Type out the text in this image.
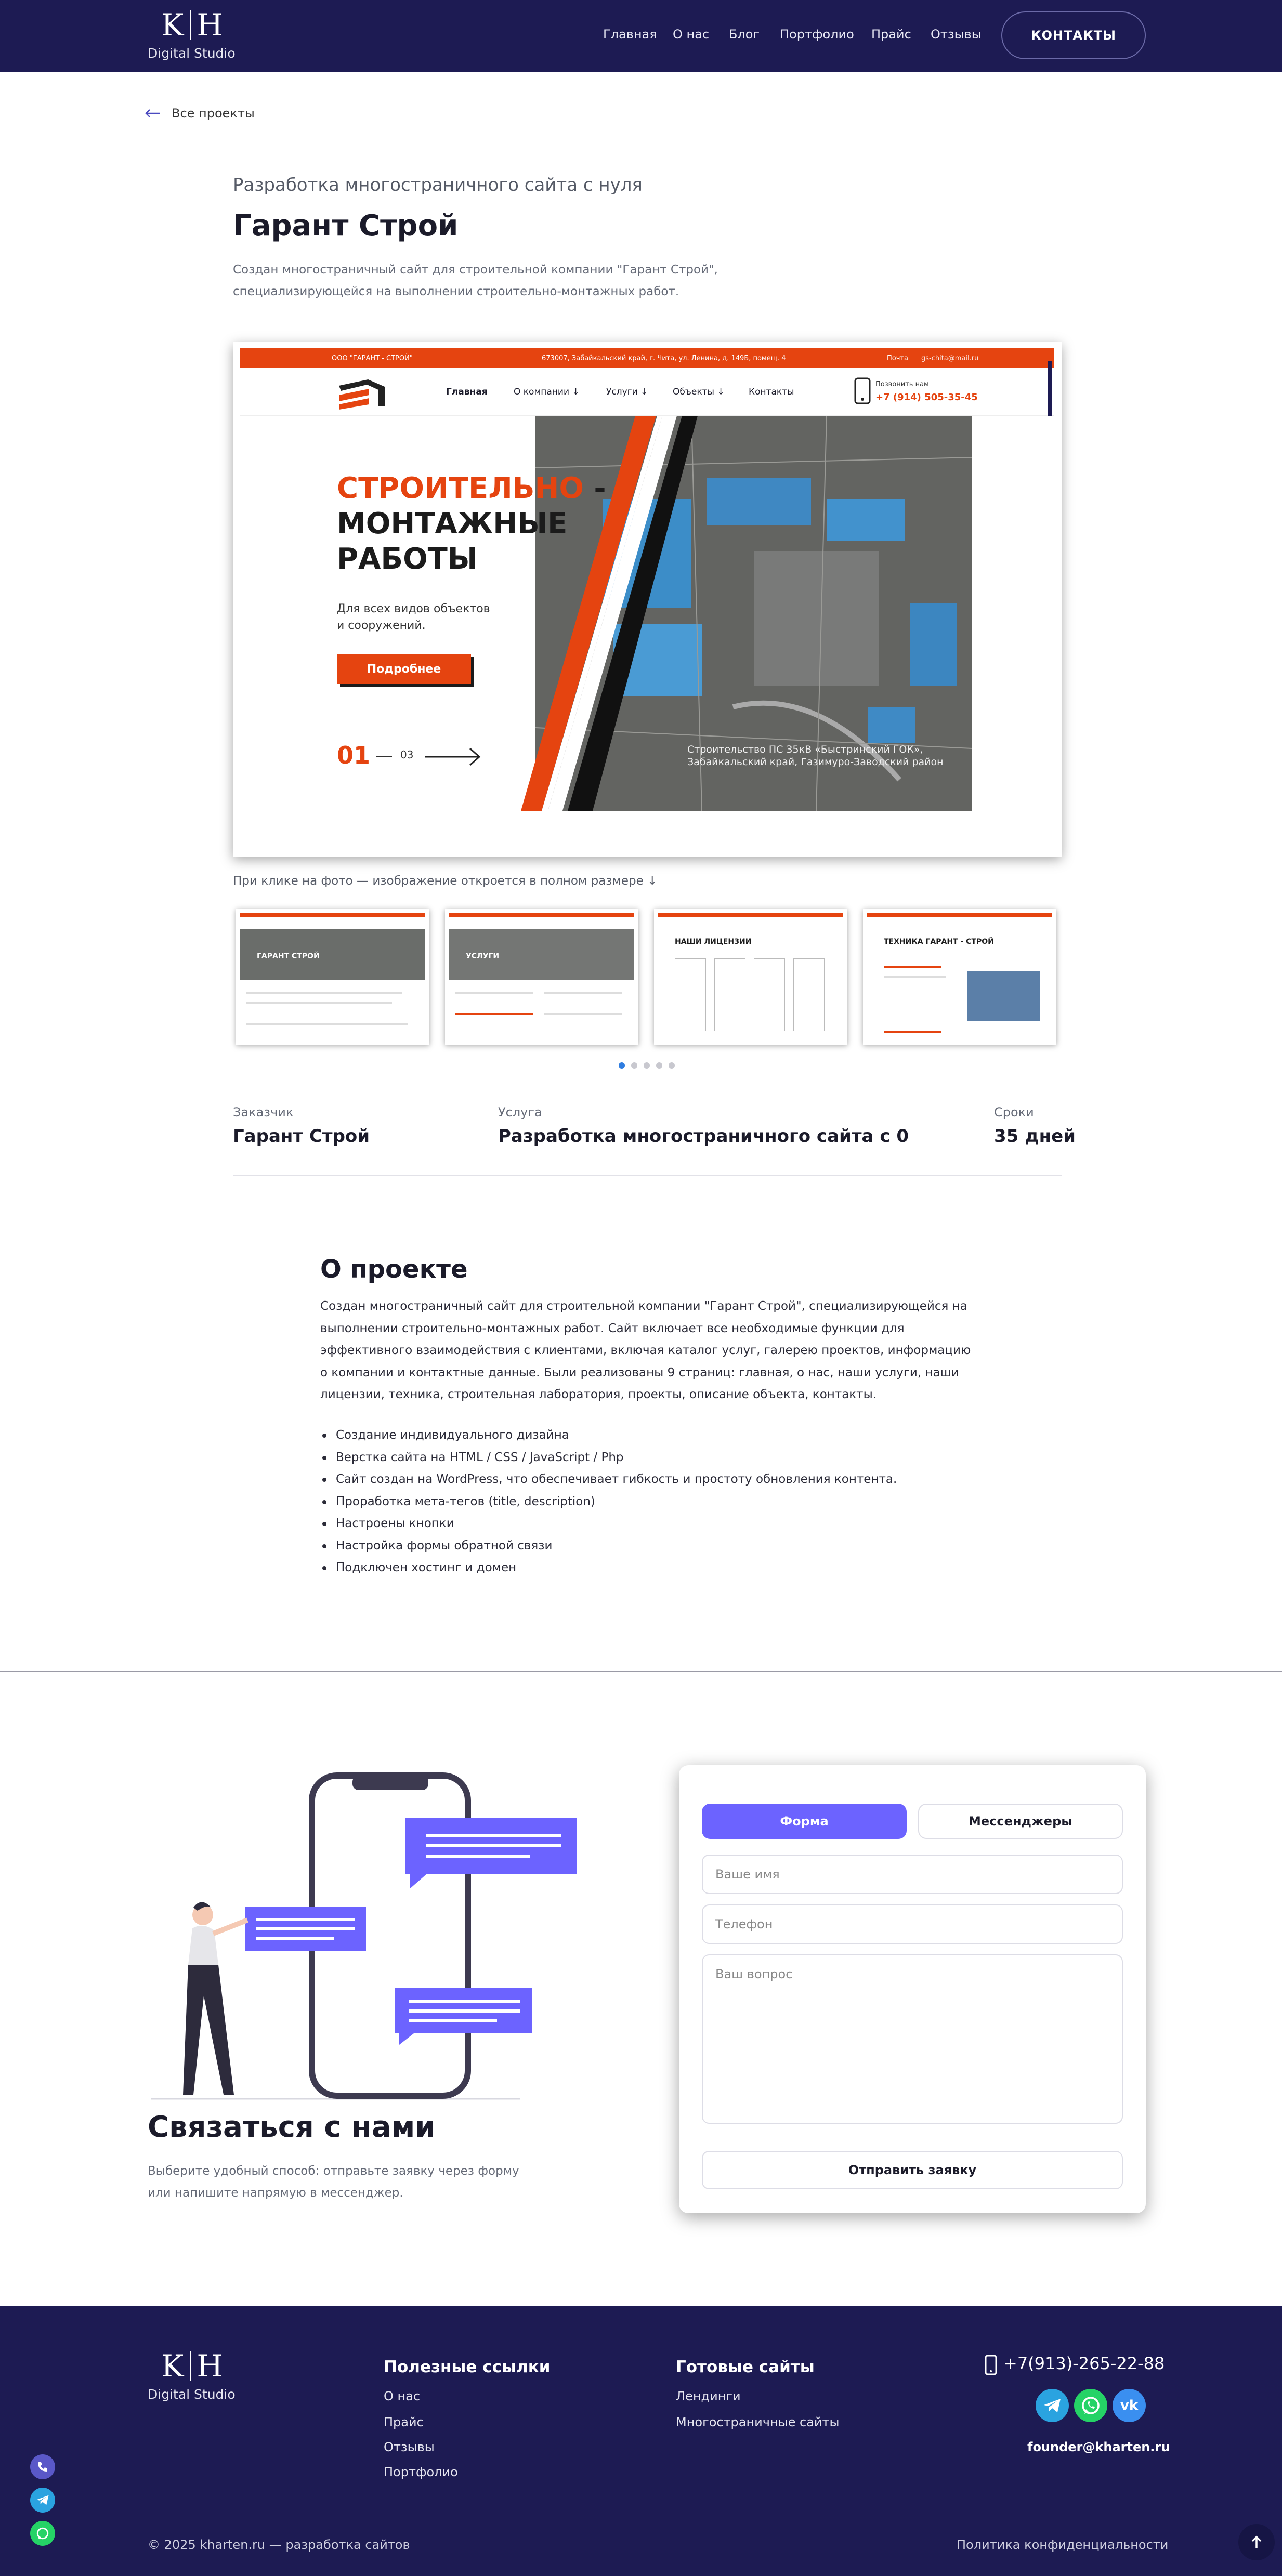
K H
Digital Studio
Главная О нас Блог Портфолио Прайс Отзывы	КОНТАКТЫ
Все проекты
Разработка многостраничного сайта с нуля
Гарант Строй
Создан многостраничный сайт для строительной компании "Гарант Строй", специализирующейся на выполнении строительно-монтажных работ.
ООО "ГАРАНТ - СТРОЙ"	673007, Забайкальский край, г. Чита, ул. Ленина, д. 149Б, помещ. 4	Почта gs-chita@mail.ru
Главная	О компании ↓	Услуги ↓	Объекты ↓	Контакты
Позвонить нам
+7 (914) 505-35-45
СТРОИТЕЛЬНО -
МОНТАЖНЫЕ
РАБОТЫ
Для всех видов объектов и сооружений.
Подробнее
01	03	Строительство ПС 35кВ «Быстринский ГОК», Забайкальский край, Газимуро-Заводский район
При клике на фото — изображение откроется в полном размере ↓
ГАРАНТ СТРОЙ	УСЛУГИ
НАШИ ЛИЦЕНЗИИ	ТЕХНИКА ГАРАНТ - СТРОЙ
Заказчик
Гарант Строй
Услуга
Разработка многостраничного сайта с 0
Сроки
35 дней
О проекте
Создан многостраничный сайт для строительной компании "Гарант Строй", специализирующейся на выполнении строительно-монтажных работ. Сайт включает все необходимые функции для эффективного взаимодействия с клиентами, включая каталог услуг, галерею проектов, информацию о компании и контактные данные. Были реализованы 9 страниц: главная, о нас, наши услуги, наши лицензии, техника, строительная лаборатория, проекты, описание объекта, контакты.
Создание индивидуального дизайна
Верстка сайта на HTML / CSS / JavaScript / Php
Сайт создан на WordPress, что обеспечивает гибкость и простоту обновления контента.
Проработка мета-тегов (title, description)
Настроены кнопки
Настройка формы обратной связи
Подключен хостинг и домен
Связаться с нами
Выберите удобный способ: отправьте заявку через форму или напишите напрямую в мессенджер.
Форма	Мессенджеры
Ваше имя
Телефон
Ваш вопрос
Отправить заявку
K H
Digital Studio
Полезные ссылки
О нас
Прайс
Отзывы
Портфолио
Готовые сайты
Лендинги
Многостраничные сайты
+7(913)-265-22-88
vk
founder@kharten.ru
© 2025 kharten.ru — разработка сайтов	Политика конфиденциальности
